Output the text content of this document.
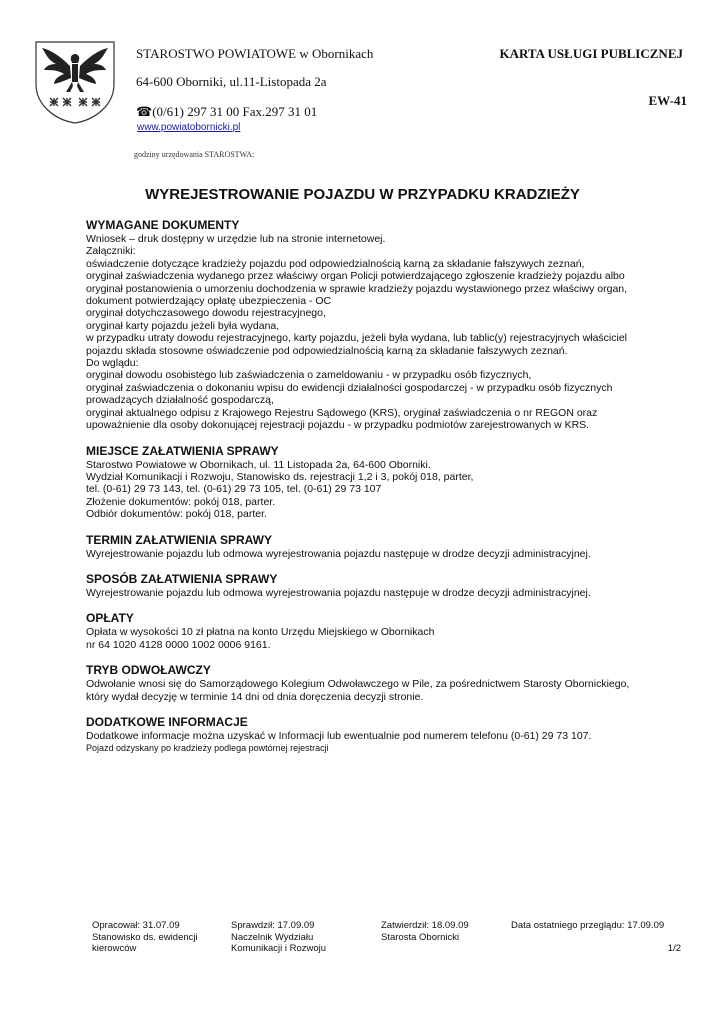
STAROSTWO POWIATOWE w Obornikach
64-600 Oborniki, ul.11-Listopada 2a
☎(0/61) 297 31 00 Fax.297 31 01
www.powiatobornicki.pl
godziny urzędowania STAROSTWA:
KARTA USŁUGI PUBLICZNEJ
EW-41
WYREJESTROWANIE POJAZDU W PRZYPADKU KRADZIEŻY
WYMAGANE DOKUMENTY

Wniosek – druk dostępny w urzędzie lub na stronie internetowej.

Załączniki:

oświadczenie dotyczące kradzieży pojazdu pod odpowiedzialnością karną za składanie fałszywych zeznań,

oryginał zaświadczenia wydanego przez właściwy organ Policji potwierdzającego zgłoszenie kradzieży pojazdu albo oryginał postanowienia o umorzeniu dochodzenia w sprawie kradzieży pojazdu wystawionego przez właściwy organ,

dokument potwierdzający opłatę ubezpieczenia - OC

oryginał dotychczasowego dowodu rejestracyjnego,

oryginał karty pojazdu jeżeli była wydana,

w przypadku utraty dowodu rejestracyjnego, karty pojazdu, jeżeli była wydana, lub tablic(y) rejestracyjnych właściciel pojazdu składa stosowne oświadczenie pod odpowiedzialnością karną za składanie fałszywych zeznań.

Do wglądu:

oryginał dowodu osobistego lub zaświadczenia o zameldowaniu - w przypadku osób fizycznych,

oryginał zaświadczenia o dokonaniu wpisu do ewidencji działalności gospodarczej - w przypadku osób fizycznych prowadzących działalność gospodarczą,

oryginał aktualnego odpisu z Krajowego Rejestru Sądowego (KRS), oryginał zaświadczenia o nr REGON oraz upoważnienie dla osoby dokonującej rejestracji pojazdu - w przypadku podmiotów zarejestrowanych w KRS.

MIEJSCE ZAŁATWIENIA SPRAWY

Starostwo Powiatowe w Obornikach, ul. 11 Listopada 2a, 64-600 Oborniki.

Wydział Komunikacji i Rozwoju, Stanowisko ds. rejestracji 1,2 i 3, pokój 018, parter,

tel. (0-61) 29 73 143, tel. (0-61) 29 73 105, tel. (0-61) 29 73 107

Złożenie dokumentów: pokój 018, parter.

Odbiór dokumentów: pokój 018, parter.

TERMIN ZAŁATWIENIA SPRAWY

Wyrejestrowanie pojazdu lub odmowa wyrejestrowania pojazdu następuje w drodze decyzji administracyjnej.

SPOSÓB ZAŁATWIENIA SPRAWY

Wyrejestrowanie pojazdu lub odmowa wyrejestrowania pojazdu następuje w drodze decyzji administracyjnej.

OPŁATY

Opłata w wysokości 10 zł płatna na konto Urzędu Miejskiego w Obornikach

nr 64 1020 4128 0000 1002 0006 9161.

TRYB ODWOŁAWCZY

Odwołanie wnosi się do Samorządowego Kolegium Odwoławczego w Pile, za pośrednictwem Starosty Obornickiego, który wydał decyzję w terminie 14 dni od dnia doręczenia decyzji stronie.

DODATKOWE INFORMACJE

Dodatkowe informacje można uzyskać w Informacji lub ewentualnie pod numerem telefonu (0-61) 29 73 107.

Pojazd odzyskany po kradzieży podlega powtórnej rejestracji

Opracował: 31.07.09
Stanowisko ds. ewidencji
kierowców
Sprawdził: 17.09.09
Naczelnik Wydziału
Komunikacji i Rozwoju
Zatwierdził: 18.09.09
Starosta Obornicki
Data ostatniego przeglądu: 17.09.09
1/2
